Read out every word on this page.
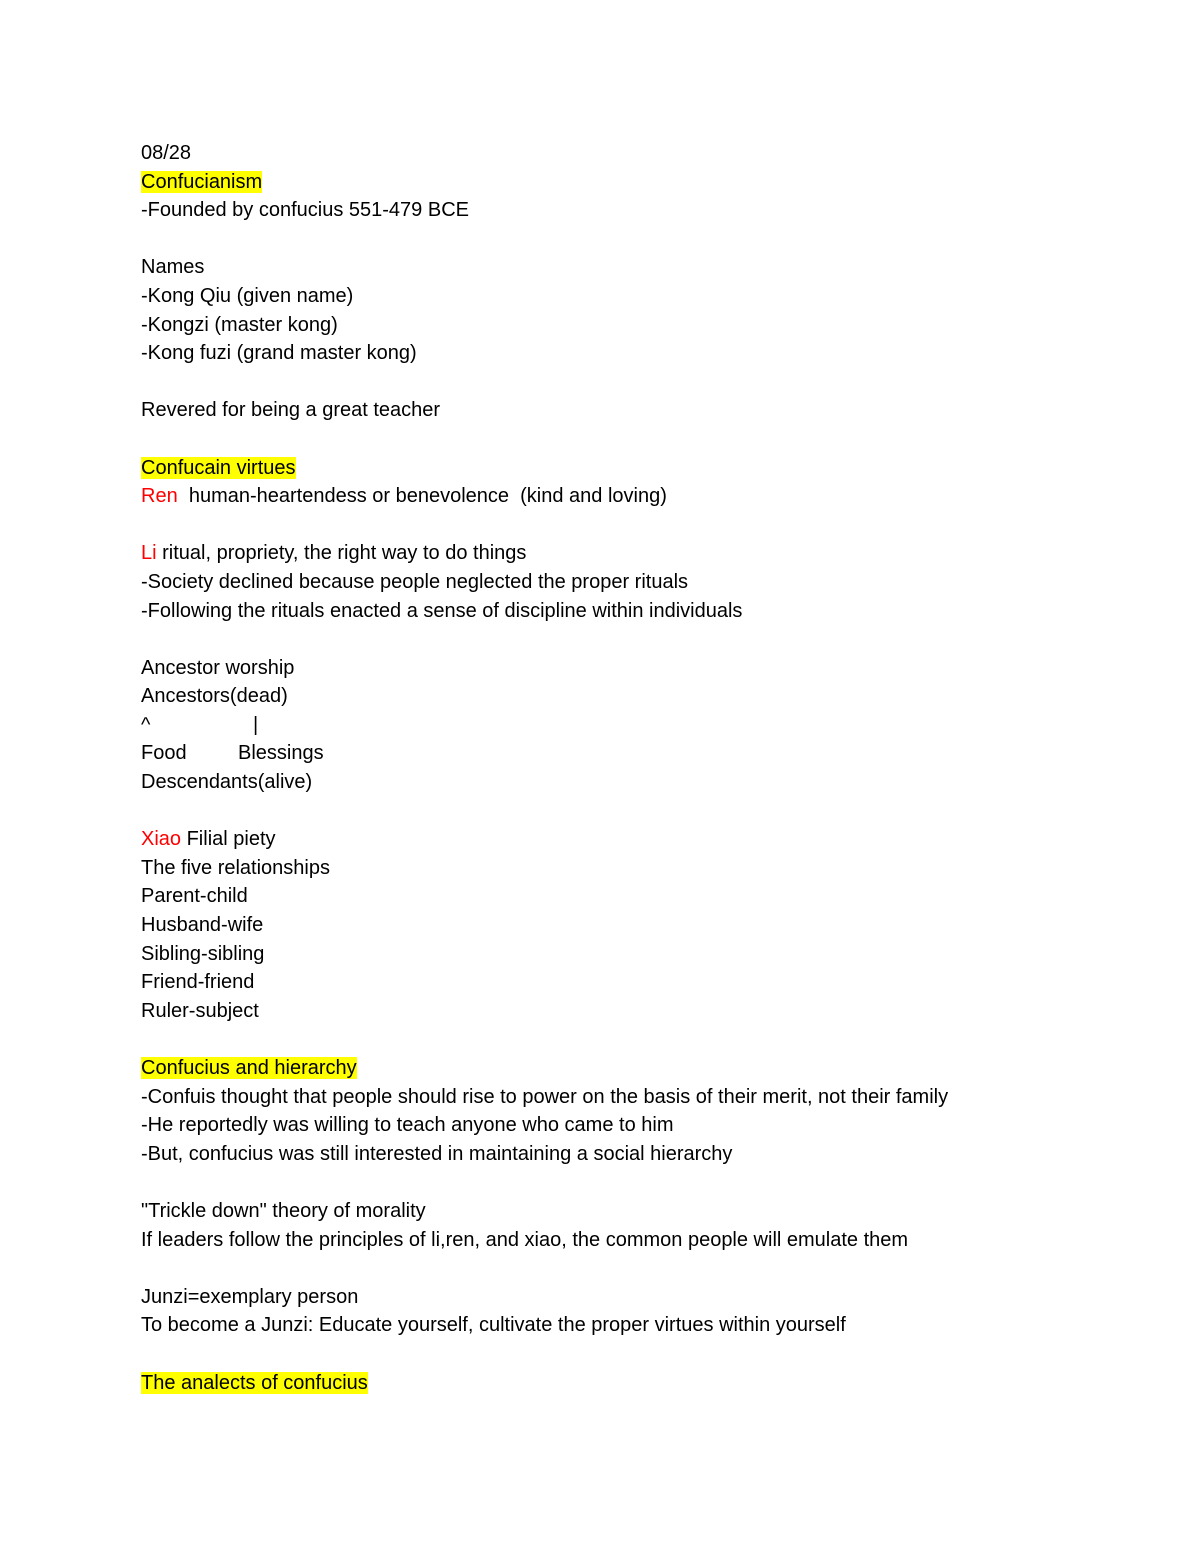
08/28

Confucianism

-Founded by confucius 551-479 BCE

Names

-Kong Qiu (given name)

-Kongzi (master kong)

-Kong fuzi (grand master kong)

Revered for being a great teacher

Confucain virtues

Ren  human-heartendess or benevolence  (kind and loving)

Li ritual, propriety, the right way to do things

-Society declined because people neglected the proper rituals

-Following the rituals enacted a sense of discipline within individuals

Ancestor worship

Ancestors(dead)

^	|
Food	Blessings

Descendants(alive)

Xiao Filial piety

The five relationships

Parent-child

Husband-wife

Sibling-sibling

Friend-friend

Ruler-subject

Confucius and hierarchy

-Confuis thought that people should rise to power on the basis of their merit, not their family

-He reportedly was willing to teach anyone who came to him

-But, confucius was still interested in maintaining a social hierarchy

"Trickle down" theory of morality

If leaders follow the principles of li,ren, and xiao, the common people will emulate them

Junzi=exemplary person

To become a Junzi: Educate yourself, cultivate the proper virtues within yourself

The analects of confucius
